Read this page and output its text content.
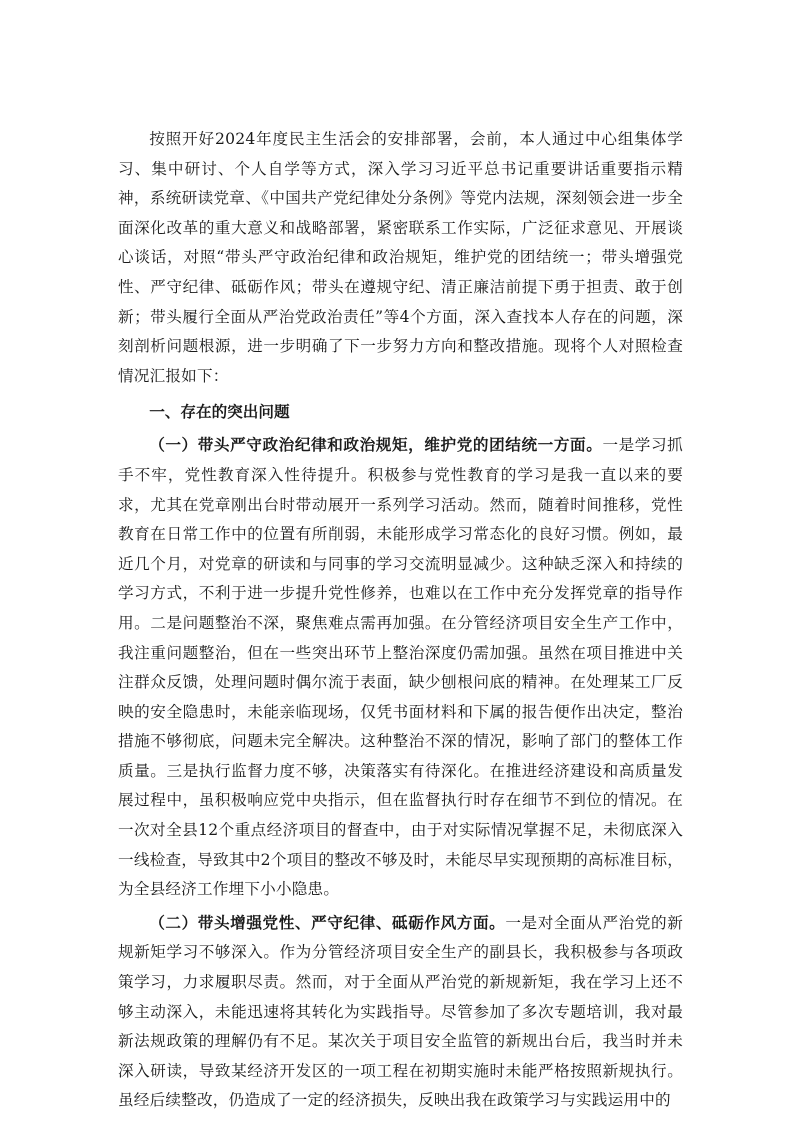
按照开好2024年度民主生活会的安排部署，会前，本人通过中心组集体学习、集中研讨、个人自学等方式，深入学习习近平总书记重要讲话重要指示精神，系统研读党章、《中国共产党纪律处分条例》等党内法规，深刻领会进一步全面深化改革的重大意义和战略部署，紧密联系工作实际，广泛征求意见、开展谈心谈话，对照“带头严守政治纪律和政治规矩，维护党的团结统一；带头增强党性、严守纪律、砥砺作风；带头在遵规守纪、清正廉洁前提下勇于担责、敢于创新；带头履行全面从严治党政治责任”等4个方面，深入查找本人存在的问题，深刻剖析问题根源，进一步明确了下一步努力方向和整改措施。现将个人对照检查情况汇报如下：

一、存在的突出问题

（一）带头严守政治纪律和政治规矩，维护党的团结统一方面。一是学习抓手不牢，党性教育深入性待提升。积极参与党性教育的学习是我一直以来的要求，尤其在党章刚出台时带动展开一系列学习活动。然而，随着时间推移，党性教育在日常工作中的位置有所削弱，未能形成学习常态化的良好习惯。例如，最近几个月，对党章的研读和与同事的学习交流明显减少。这种缺乏深入和持续的学习方式，不利于进一步提升党性修养，也难以在工作中充分发挥党章的指导作用。二是问题整治不深，聚焦难点需再加强。在分管经济项目安全生产工作中，我注重问题整治，但在一些突出环节上整治深度仍需加强。虽然在项目推进中关注群众反馈，处理问题时偶尔流于表面，缺少刨根问底的精神。在处理某工厂反映的安全隐患时，未能亲临现场，仅凭书面材料和下属的报告便作出决定，整治措施不够彻底，问题未完全解决。这种整治不深的情况，影响了部门的整体工作质量。三是执行监督力度不够，决策落实有待深化。在推进经济建设和高质量发展过程中，虽积极响应党中央指示，但在监督执行时存在细节不到位的情况。在一次对全县12个重点经济项目的督查中，由于对实际情况掌握不足，未彻底深入一线检查，导致其中2个项目的整改不够及时，未能尽早实现预期的高标准目标，为全县经济工作埋下小小隐患。

（二）带头增强党性、严守纪律、砥砺作风方面。一是对全面从严治党的新规新矩学习不够深入。作为分管经济项目安全生产的副县长，我积极参与各项政策学习，力求履职尽责。然而，对于全面从严治党的新规新矩，我在学习上还不够主动深入，未能迅速将其转化为实践指导。尽管参加了多次专题培训，我对最新法规政策的理解仍有不足。某次关于项目安全监管的新规出台后，我当时并未深入研读，导致某经济开发区的一项工程在初期实施时未能严格按照新规执行。虽经后续整改，仍造成了一定的经济损失，反映出我在政策学习与实践运用中的
